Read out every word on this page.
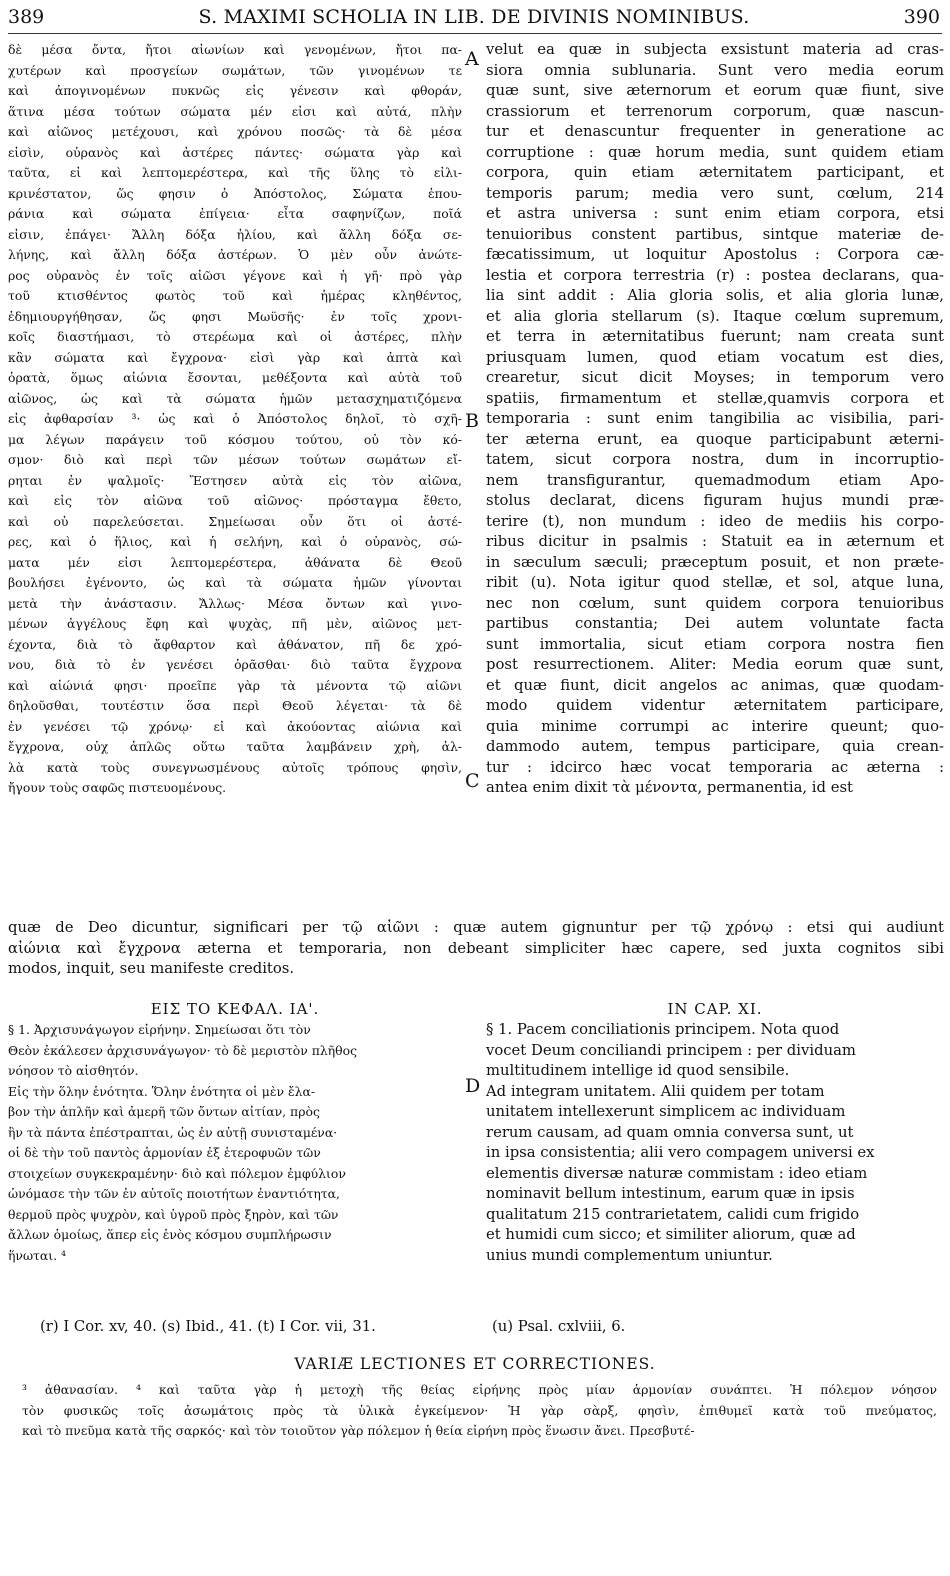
389	S. MAXIMI SCHOLIA IN LIB. DE DIVINIS NOMINIBUS.	390
A
B
C
D
δὲ μέσα ὄντα, ἤτοι αἰωνίων καὶ γενομένων, ἤτοι πα-
χυτέρων καὶ προσγείων σωμάτων, τῶν γινομένων τε
καὶ ἀπογινομένων πυκνῶς εἰς γένεσιν καὶ φθοράν,
ἅτινα μέσα τούτων σώματα μέν εἰσι καὶ αὐτά, πλὴν
καὶ αἰῶνος μετέχουσι, καὶ χρόνου ποσῶς· τὰ δὲ μέσα
εἰσὶν, οὐρανὸς καὶ ἀστέρες πάντες· σώματα γὰρ καὶ
ταῦτα, εἰ καὶ λεπτομερέστερα, καὶ τῆς ὕλης τὸ εἰλι-
κρινέστατον, ὥς φησιν ὁ Ἀπόστολος, Σώματα ἐπου-
ράνια καὶ σώματα ἐπίγεια· εἶτα σαφηνίζων, ποῖά
εἰσιν, ἐπάγει· Ἄλλη δόξα ἡλίου, καὶ ἄλλη δόξα σε-
λήνης, καὶ ἄλλη δόξα ἀστέρων. Ὁ μὲν οὖν ἀνώτε-
ρος οὐρανὸς ἐν τοῖς αἰῶσι γέγονε καὶ ἡ γῆ· πρὸ γὰρ
τοῦ κτισθέντος φωτὸς τοῦ καὶ ἡμέρας κληθέντος,
ἐδημιουργήθησαν, ὥς φησι Μωϋσῆς· ἐν τοῖς χρονι-
κοῖς διαστήμασι, τὸ στερέωμα καὶ οἱ ἀστέρες, πλὴν
κἂν σώματα καὶ ἔγχρονα· εἰσὶ γὰρ καὶ ἁπτὰ καὶ
ὁρατὰ, ὅμως αἰώνια ἔσονται, μεθέξοντα καὶ αὐτὰ τοῦ
αἰῶνος, ὡς καὶ τὰ σώματα ἡμῶν μετασχηματιζόμενα
εἰς ἀφθαρσίαν ³· ὡς καὶ ὁ Ἀπόστολος δηλοῖ, τὸ σχῆ-
μα λέγων παράγειν τοῦ κόσμου τούτου, οὐ τὸν κό-
σμον· διὸ καὶ περὶ τῶν μέσων τούτων σωμάτων εἴ-
ρηται ἐν ψαλμοῖς· Ἔστησεν αὐτὰ εἰς τὸν αἰῶνα,
καὶ εἰς τὸν αἰῶνα τοῦ αἰῶνος· πρόσταγμα ἔθετο,
καὶ οὐ παρελεύσεται. Σημείωσαι οὖν ὅτι οἱ ἀστέ-
ρες, καὶ ὁ ἥλιος, καὶ ἡ σελήνη, καὶ ὁ οὐρανὸς, σώ-
ματα μέν εἰσι λεπτομερέστερα, ἀθάνατα δὲ Θεοῦ
βουλήσει ἐγένοντο, ὡς καὶ τὰ σώματα ἡμῶν γίνονται
μετὰ τὴν ἀνάστασιν. Ἄλλως· Μέσα ὄντων καὶ γινο-
μένων ἀγγέλους ἔφη καὶ ψυχὰς, πῆ μὲν, αἰῶνος μετ-
έχοντα, διὰ τὸ ἄφθαρτον καὶ ἀθάνατον, πῆ δε χρό-
νου, διὰ τὸ ἐν γενέσει ὁρᾶσθαι· διὸ ταῦτα ἔγχρονα
καὶ αἰώνιά φησι· προεῖπε γὰρ τὰ μένοντα τῷ αἰῶνι
δηλοῦσθαι, τουτέστιν ὅσα περὶ Θεοῦ λέγεται· τὰ δὲ
ἐν γενέσει τῷ χρόνῳ· εἰ καὶ ἀκούοντας αἰώνια καὶ
ἔγχρονα, οὐχ ἁπλῶς οὕτω ταῦτα λαμβάνειν χρὴ, ἀλ-
λὰ κατὰ τοὺς συνεγνωσμένους αὐτοῖς τρόπους φησὶν,
ἤγουν τοὺς σαφῶς πιστευομένους.
velut ea quæ in subjecta exsistunt materia ad cras-
siora omnia sublunaria. Sunt vero media eorum
quæ sunt, sive æternorum et eorum quæ fiunt, sive
crassiorum et terrenorum corporum, quæ nascun-
tur et denascuntur frequenter in generatione ac
corruptione : quæ horum media, sunt quidem etiam
corpora, quin etiam æternitatem participant, et
temporis parum; media vero sunt, cœlum, 214
et astra universa : sunt enim etiam corpora, etsi
tenuioribus constent partibus, sintque materiæ de-
fæcatissimum, ut loquitur Apostolus : Corpora cæ-
lestia et corpora terrestria (r) : postea declarans, qua-
lia sint addit : Alia gloria solis, et alia gloria lunæ,
et alia gloria stellarum (s). Itaque cœlum supremum,
et terra in æternitatibus fuerunt; nam creata sunt
priusquam lumen, quod etiam vocatum est dies,
crearetur, sicut dicit Moyses; in temporum vero
spatiis, firmamentum et stellæ,quamvis corpora et
temporaria : sunt enim tangibilia ac visibilia, pari-
ter æterna erunt, ea quoque participabunt æterni-
tatem, sicut corpora nostra, dum in incorruptio-
nem transfigurantur, quemadmodum etiam Apo-
stolus declarat, dicens figuram hujus mundi præ-
terire (t), non mundum : ideo de mediis his corpo-
ribus dicitur in psalmis : Statuit ea in æternum et
in sæculum sæculi; præceptum posuit, et non præte-
ribit (u). Nota igitur quod stellæ, et sol, atque luna,
nec non cœlum, sunt quidem corpora tenuioribus
partibus constantia; Dei autem voluntate facta
sunt immortalia, sicut etiam corpora nostra fien
post resurrectionem. Aliter: Media eorum quæ sunt,
et quæ fiunt, dicit angelos ac animas, quæ quodam-
modo quidem videntur æternitatem participare,
quia minime corrumpi ac interire queunt; quo-
dammodo autem, tempus participare, quia crean-
tur : idcirco hæc vocat temporaria ac æterna :
antea enim dixit τὰ μένοντα, permanentia, id est
quæ de Deo dicuntur, significari per τῷ αἰῶνι : quæ autem gignuntur per τῷ χρόνῳ : etsi qui audiunt
αἰώνια καὶ ἔγχρονα æterna et temporaria, non debeant simpliciter hæc capere, sed juxta cognitos sibi
modos, inquit, seu manifeste creditos.
ΕΙΣ ΤΟ ΚΕΦΑΛ. ΙΑ'.	IN CAP. XI.
§ 1. Ἀρχισυνάγωγον εἰρήνην. Σημείωσαι ὅτι τὸν
Θεὸν ἐκάλεσεν ἀρχισυνάγωγον· τὸ δὲ μεριστὸν πλῆθος
νόησον τὸ αἰσθητόν.
Εἰς τὴν ὅλην ἑνότητα. Ὅλην ἑνότητα οἱ μὲν ἔλα-
βον τὴν ἁπλῆν καὶ ἀμερῆ τῶν ὄντων αἰτίαν, πρὸς
ἣν τὰ πάντα ἐπέστραπται, ὡς ἐν αὐτῇ συνισταμένα·
οἱ δὲ τὴν τοῦ παντὸς ἁρμονίαν ἐξ ἑτεροφυῶν τῶν
στοιχείων συγκεκραμένην· διὸ καὶ πόλεμον ἐμφύλιον
ὠνόμασε τὴν τῶν ἐν αὐτοῖς ποιοτήτων ἐναντιότητα,
θερμοῦ πρὸς ψυχρὸν, καὶ ὑγροῦ πρὸς ξηρὸν, καὶ τῶν
ἄλλων ὁμοίως, ἅπερ εἰς ἑνὸς κόσμου συμπλήρωσιν
ἥνωται. ⁴
§ 1. Pacem conciliationis principem. Nota quod
vocet Deum conciliandi principem : per dividuam
multitudinem intellige id quod sensibile.
Ad integram unitatem. Alii quidem per totam
unitatem intellexerunt simplicem ac individuam
rerum causam, ad quam omnia conversa sunt, ut
in ipsa consistentia; alii vero compagem universi ex
elementis diversæ naturæ commistam : ideo etiam
nominavit bellum intestinum, earum quæ in ipsis
qualitatum 215 contrarietatem, calidi cum frigido
et humidi cum sicco; et similiter aliorum, quæ ad
unius mundi complementum uniuntur.
(r) I Cor. xv, 40. (s) Ibid., 41. (t) I Cor. vii, 31.	(u) Psal. cxlviii, 6.
VARIÆ LECTIONES ET CORRECTIONES.
³ ἀθανασίαν. ⁴ καὶ ταῦτα γὰρ ἡ μετοχὴ τῆς θείας εἰρήνης πρὸς μίαν ἁρμονίαν συνάπτει. Ἡ πόλεμον νόησον
τὸν φυσικῶς τοῖς ἀσωμάτοις πρὸς τὰ ὑλικὰ ἐγκείμενον· Ἡ γὰρ σὰρξ, φησὶν, ἐπιθυμεῖ κατὰ τοῦ πνεύματος,
καὶ τὸ πνεῦμα κατὰ τῆς σαρκός· καὶ τὸν τοιοῦτον γὰρ πόλεμον ἡ θεία εἰρήνη πρὸς ἕνωσιν ἄνει. Πρεσβυτέ-
